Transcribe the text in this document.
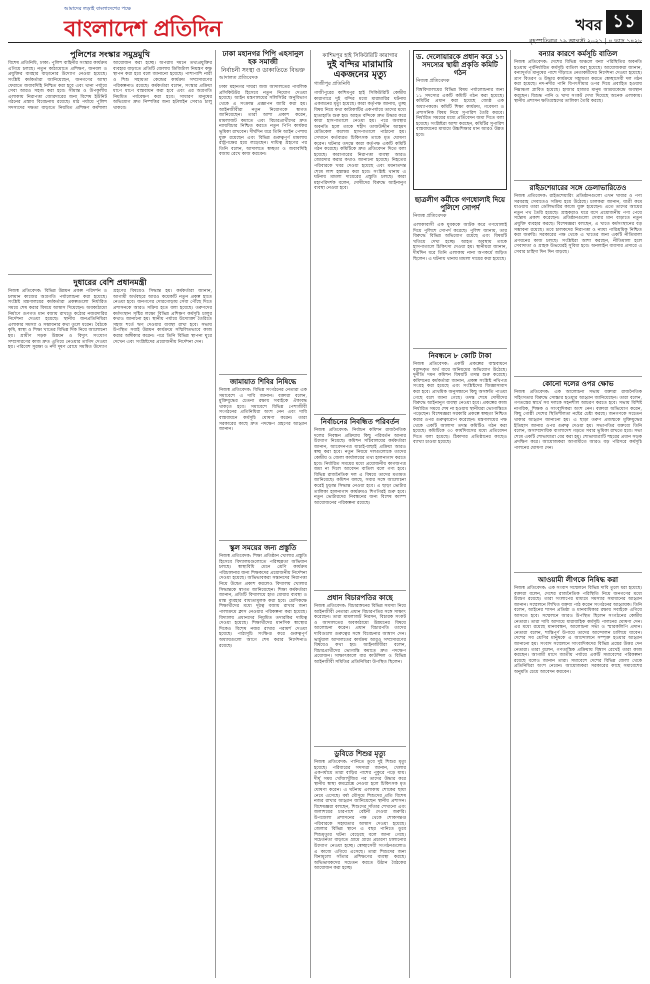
আমাদের লড়াই বাংলাদেশের পক্ষে
বাংলাদেশ প্রতিদিন	খবর ১১
পুলিশের সংস্কার সমুদ্রমুখি

বিশেষ প্রতিনিধি, ঢাকা: পুলিশ বাহিনীর সংস্কার কার্যক্রম এগিয়ে চলছে। নতুন কাঠামোতে প্রশিক্ষণ, জনবল ও প্রযুক্তির ব্যবহার বাড়ানোর উদ্যোগ নেওয়া হয়েছে। সংশ্লিষ্ট কর্মকর্তারা জানিয়েছেন, জনগণের আস্থা ফেরাতে জবাবদিহি নিশ্চিত করা হবে এবং থানা পর্যায়ে সেবা আরও সহজ করা হবে। সীমান্ত ও উপকূলীয় এলাকায় নিরাপত্তা জোরদারের জন্য বিশেষ ইউনিট গঠনের প্রস্তাব বিবেচনায় রয়েছে। মাঠ পর্যায়ে পুলিশ সদস্যদের দক্ষতা বাড়াতে নিয়মিত প্রশিক্ষণ কর্মশালা আয়োজন করা হচ্ছে। অপরাধ দমনে তথ্যপ্রযুক্তির ব্যবহার বাড়াতে প্রতিটি জেলায় ডিজিটাল নিয়ন্ত্রণ কক্ষ স্থাপন করা হবে বলে জানানো হয়েছে। পাশাপাশি নারী ও শিশু সহায়তা কেন্দ্রের কার্যক্রম সম্প্রসারণের পরিকল্পনাও রয়েছে। কর্মকর্তারা বলেন, সংস্কার প্রক্রিয়া ধাপে ধাপে বাস্তবায়ন করা হবে এবং এর অগ্রগতি নিয়মিত পর্যবেক্ষণ করা হবে। সাধারণ মানুষের অভিযোগ দ্রুত নিষ্পত্তির জন্য হটলাইন সেবাও চালু থাকবে।

দুধারের বেশি প্রধানমন্ত্রী

নিজস্ব প্রতিবেদক: বিভিন্ন উন্নয়ন প্রকল্প পরিদর্শন ও চলমান কাজের অগ্রগতি পর্যালোচনা করা হয়েছে। সংশ্লিষ্ট মন্ত্রণালয়ের কর্মকর্তারা প্রকল্পগুলো নির্ধারিত সময়ে শেষ করার বিষয়ে আশ্বাস দিয়েছেন। অবকাঠামো নির্মাণে গুণগত মান বজায় রাখতে কঠোর নজরদারির নির্দেশনা দেওয়া হয়েছে। স্থানীয় জনপ্রতিনিধিরা এলাকার সমস্যা ও সম্ভাবনার কথা তুলে ধরেন। বৈঠকে কৃষি, স্বাস্থ্য ও শিক্ষা খাতের বিভিন্ন দিক নিয়ে আলোচনা হয়। গ্রামীণ সড়ক উন্নয়ন ও বিদ্যুৎ সংযোগ সম্প্রসারণের কাজ দ্রুত এগিয়ে নেওয়ার তাগিদ দেওয়া হয়। পরিবেশ সুরক্ষা ও নদী দূষণ রোধে সমন্বিত উদ্যোগ গ্রহণের বিষয়েও সিদ্ধান্ত হয়। কর্মকর্তারা জানান, আগামী অর্থবছরে আরও কয়েকটি নতুন প্রকল্প হাতে নেওয়া হবে। জনগণের দোরগোড়ায় সেবা পৌঁছে দিতে প্রশাসনকে আরও সক্রিয় হতে বলা হয়েছে। তরুণদের কর্মসংস্থান সৃষ্টির লক্ষ্যে বিভিন্ন প্রশিক্ষণ কর্মসূচি চালুর কথাও জানানো হয়। স্থানীয় পর্যায়ে উদ্যোক্তা তৈরিতে সহজ শর্তে ঋণ দেওয়ার ব্যবস্থা রাখা হবে। সভায় উপস্থিত সবাই উন্নয়ন কার্যক্রমে সম্মিলিতভাবে কাজ করার অঙ্গীকার করেন। পরে তিনি বিভিন্ন স্থাপনা ঘুরে দেখেন এবং সংশ্লিষ্টদের প্রয়োজনীয় নির্দেশনা দেন।

ঢাকা মহানগর পিপি এহসানুল হক সমাজী

নির্বাচনী সংস্থা ও ডাকাতিতে বিভক্ত

আদালত প্রতিবেদক

ঢাকা মহানগর দায়রা জজ আদালতের পাবলিক প্রসিকিউটর হিসেবে নতুন নিয়োগ দেওয়া হয়েছে। আইন মন্ত্রণালয়ের সলিসিটর অনুবিভাগ থেকে এ সংক্রান্ত প্রজ্ঞাপন জারি করা হয়। আইনজীবীরা নতুন নিয়োগকে স্বাগত জানিয়েছেন। তারা আশা প্রকাশ করেন, মামলাজট কমাতে এবং বিচারপ্রার্থীদের দ্রুত ন্যায়বিচার নিশ্চিত করতে নতুন পিপি কার্যকর ভূমিকা রাখবেন। দীর্ঘদিন ধরে তিনি আইন পেশায় যুক্ত রয়েছেন এবং বিভিন্ন গুরুত্বপূর্ণ মামলায় রাষ্ট্রপক্ষের হয়ে লড়েছেন। দায়িত্ব গ্রহণের পর তিনি বলেন, আদালতে স্বচ্ছতা ও জবাবদিহি বজায় রেখে কাজ করবেন।

জামায়াত শিবির নিষিদ্ধে

নিজস্ব প্রতিবেদক: বিভিন্ন সংগঠনের নেতারা এক সমাবেশে এ দাবি জানান। বক্তারা বলেন, মুক্তিযুদ্ধের চেতনা রক্ষায় সবাইকে ঐক্যবদ্ধ থাকতে হবে। সমাবেশে বিভিন্ন পেশাজীবী সংগঠনের প্রতিনিধিরা অংশ নেন এবং দাবি বাস্তবায়নে কর্মসূচি ঘোষণা করেন। তারা সরকারের কাছে দ্রুত পদক্ষেপ গ্রহণের আহ্বান জানান।

স্কুল সময়ের জন্য প্রস্তুতি

নিজস্ব প্রতিবেদক: শিক্ষা প্রতিষ্ঠান খোলার প্রস্তুতি হিসেবে বিদ্যালয়গুলোতে পরিচ্ছন্নতা অভিযান চলছে। স্বাস্থ্যবিধি মেনে শ্রেণি কার্যক্রম পরিচালনার জন্য শিক্ষকদের প্রয়োজনীয় নির্দেশনা দেওয়া হয়েছে। অভিভাবকরা সন্তানদের নিরাপত্তা নিয়ে উদ্বেগ প্রকাশ করলেও বিদ্যালয় খোলার সিদ্ধান্তকে স্বাগত জানিয়েছেন। শিক্ষা কর্মকর্তারা জানান, প্রতিটি বিদ্যালয়ে হাত ধোয়ার ব্যবস্থা ও মাস্ক ব্যবহার বাধ্যতামূলক করা হবে। শ্রেণিকক্ষে শিক্ষার্থীদের মধ্যে দূরত্ব বজায় রাখার জন্য পালাক্রমে ক্লাস নেওয়ার পরিকল্পনা করা হয়েছে। বিদ্যালয় প্রধানদের নিয়মিত তদারকির দায়িত্ব দেওয়া হয়েছে। শিক্ষার্থীদের মানসিক স্বাস্থ্যের দিকেও বিশেষ নজর রাখার পরামর্শ দেওয়া হয়েছে। পাঠ্যসূচি সংক্ষিপ্ত করে গুরুত্বপূর্ণ অধ্যায়গুলো আগে শেষ করার নির্দেশনাও রয়েছে।

কাশিমপুর হাই সিকিউরিটি কারাগার

দুই বন্দির মারামারি একজনের মৃত্যু

গাজীপুর প্রতিনিধি

গাজীপুরের কাশিমপুর হাই সিকিউরিটি কেন্দ্রীয় কারাগারে দুই বন্দির মধ্যে মারামারির ঘটনায় একজনের মৃত্যু হয়েছে। কারা কর্তৃপক্ষ জানায়, তুচ্ছ বিষয় নিয়ে কথা কাটাকাটির একপর্যায়ে তাদের মধ্যে হাতাহাতি শুরু হয়। আহত বন্দিকে দ্রুত উদ্ধার করে কারা হাসপাতালে নেওয়া হয়। পরে অবস্থার অবনতি হলে তাকে শহীদ তাজউদ্দীন আহমদ মেডিকেল কলেজ হাসপাতালে পাঠানো হয়। সেখানে কর্তব্যরত চিকিৎসক তাকে মৃত ঘোষণা করেন। ঘটনার তদন্তে কারা কর্তৃপক্ষ একটি কমিটি গঠন করেছে। কমিটিকে দ্রুত প্রতিবেদন দিতে বলা হয়েছে। কারাগারের নিরাপত্তা ব্যবস্থা আরও জোরদার করার কথাও জানানো হয়েছে। নিহতের পরিবারকে খবর দেওয়া হয়েছে এবং ময়নাতদন্ত শেষে লাশ হস্তান্তর করা হবে। সংশ্লিষ্ট থানায় এ ঘটনায় মামলা দায়েরের প্রস্তুতি চলছে। কারা মহাপরিদর্শক বলেন, দোষীদের বিরুদ্ধে আইনানুগ ব্যবস্থা নেওয়া হবে।

নির্বাচনের নিবন্ধিত পরিবর্তন

নিজস্ব প্রতিবেদক: নির্বাচন কমিশন রাজনৈতিক দলের নিবন্ধন প্রক্রিয়ায় কিছু পরিবর্তন আনার উদ্যোগ নিয়েছে। কমিশন সচিবালয়ের কর্মকর্তারা জানান, আবেদনপত্র যাচাই-বাছাই প্রক্রিয়া আরও স্বচ্ছ করা হবে। নতুন নিয়মে দলগুলোকে তাদের কেন্দ্রীয় ও জেলা কার্যালয়ের তথ্য হালনাগাদ করতে হবে। নির্ধারিত সময়ের মধ্যে প্রয়োজনীয় কাগজপত্র জমা না দিলে আবেদন বাতিল বলে গণ্য হবে। বিভিন্ন রাজনৈতিক দল এ বিষয়ে তাদের মতামত জানিয়েছে। কমিশন বলছে, সবার সঙ্গে আলোচনা করেই চূড়ান্ত সিদ্ধান্ত নেওয়া হবে। এ ছাড়া ভোটার তালিকা হালনাগাদ কার্যক্রমও শিগগিরই শুরু হবে। নতুন ভোটারদের নিবন্ধনের জন্য বিশেষ ক্যাম্প আয়োজনের পরিকল্পনা রয়েছে।

প্রধান বিচারপতির কাছে

নিজস্ব প্রতিবেদক: বিচারাঙ্গনের বিভিন্ন সমস্যা নিয়ে আইনজীবী নেতারা প্রধান বিচারপতির সঙ্গে সাক্ষাৎ করেছেন। তারা মামলাজট নিরসন, বিচারক সংকট ও আদালতের অবকাঠামো উন্নয়নের বিষয়ে আলোচনা করেন। প্রধান বিচারপতি তাদের দাবিগুলো গুরুত্বের সঙ্গে বিবেচনার আশ্বাস দেন। ভার্চুয়াল আদালতের কার্যক্রম আরও সম্প্রসারণের বিষয়েও কথা হয়। আইনজীবীরা বলেন, বিচারপ্রার্থীদের ভোগান্তি কমাতে দ্রুত পদক্ষেপ প্রয়োজন। সাক্ষাৎকালে বার কাউন্সিল ও বিভিন্ন আইনজীবী সমিতির প্রতিনিধিরা উপস্থিত ছিলেন।

ডুবিতে শিশুর মৃত্যু

নিজস্ব প্রতিবেদক: পানিতে ডুবে দুই শিশুর মৃত্যু হয়েছে। পরিবারের সদস্যরা জানান, খেলার একপর্যায়ে তারা বাড়ির পাশের পুকুরে পড়ে যায়। দীর্ঘ সময় খোঁজাখুঁজির পর তাদের উদ্ধার করে স্থানীয় স্বাস্থ্য কমপ্লেক্সে নেওয়া হলে চিকিৎসক মৃত ঘোষণা করেন। এ ঘটনায় এলাকায় শোকের ছায়া নেমে এসেছে। বর্ষা মৌসুমে শিশুদের প্রতি বিশেষ নজর রাখার আহ্বান জানিয়েছেন স্থানীয় প্রশাসন। বিশেষজ্ঞরা বলছেন, শিশুদের সাঁতার শেখানো এবং জলাশয়ের চারপাশে বেষ্টনী দেওয়া জরুরি। উপজেলা প্রশাসনের পক্ষ থেকে শোকসন্তপ্ত পরিবারকে সহায়তার আশ্বাস দেওয়া হয়েছে। জেলার বিভিন্ন স্থানে এ বছর পানিতে ডুবে শিশুমৃত্যুর ঘটনা বেড়েছে বলে জানা গেছে। সচেতনতা বাড়াতে গ্রামে গ্রামে প্রচারণা চালানোর উদ্যোগ নেওয়া হচ্ছে। স্বেচ্ছাসেবী সংগঠনগুলোও এ কাজে এগিয়ে এসেছে। তারা শিশুদের জন্য বিনামূল্যে সাঁতার প্রশিক্ষণের ব্যবস্থা করছে। অভিভাবকদের সচেতন করতে উঠান বৈঠকের আয়োজন করা হচ্ছে।

ড. দেলোয়ারকে প্রধান করে ১১ সদস্যের স্থায়ী প্রকৃতি কমিটি গঠন

নিজস্ব প্রতিবেদক

বিশ্ববিদ্যালয়ের বিভিন্ন বিষয় পর্যালোচনার জন্য ১১ সদস্যের একটি কমিটি গঠন করা হয়েছে। কমিটির প্রধান করা হয়েছে জ্যেষ্ঠ এক অধ্যাপককে। কমিটি শিক্ষা কার্যক্রম, গবেষণা ও প্রশাসনিক বিষয় নিয়ে সুপারিশ তৈরি করবে। নির্ধারিত সময়ের মধ্যে প্রতিবেদন জমা দিতে বলা হয়েছে। সংশ্লিষ্টরা আশা করছেন, কমিটির সুপারিশ বাস্তবায়নের মাধ্যমে উচ্চশিক্ষার মান আরও উন্নত হবে।

ছাত্রলীগ কর্মীকে গণধোলাই দিয়ে পুলিশে সোপর্দ

নিজস্ব প্রতিবেদক

এলাকাবাসী এক যুবককে আটক করে গণধোলাই দিয়ে পুলিশে সোপর্দ করেছে। পুলিশ জানায়, তার বিরুদ্ধে বিভিন্ন অভিযোগ রয়েছে এবং বিষয়টি খতিয়ে দেখা হচ্ছে। আহত অবস্থায় তাকে হাসপাতালে চিকিৎসা দেওয়া হয়। স্থানীয়রা জানান, দীর্ঘদিন ধরে তিনি এলাকায় নানা অপকর্মে জড়িত ছিলেন। এ ঘটনায় থানায় মামলা দায়ের করা হয়েছে।

নিবন্ধনে ৮ কোটি টাকা

নিজস্ব প্রতিবেদক: একটি প্রকল্পের বাস্তবায়নে বরাদ্দকৃত অর্থ ব্যয়ে অনিয়মের অভিযোগ উঠেছে। দুর্নীতি দমন কমিশন বিষয়টি তদন্ত শুরু করেছে। কমিশনের কর্মকর্তারা জানান, প্রকল্প সংশ্লিষ্ট নথিপত্র সংগ্রহ করা হয়েছে এবং সংশ্লিষ্টদের জিজ্ঞাসাবাদ করা হবে। প্রাথমিক অনুসন্ধানে কিছু অসঙ্গতি পাওয়া গেছে বলে জানা গেছে। তদন্ত শেষে দোষীদের বিরুদ্ধে আইনানুগ ব্যবস্থা নেওয়া হবে। প্রকল্পের কাজ নির্ধারিত সময়ে শেষ না হওয়ায় স্থানীয়রা ভোগান্তিতে পড়েছেন। বিশেষজ্ঞরা সরকারি প্রকল্পে স্বচ্ছতা নিশ্চিত করার ওপর গুরুত্বারোপ করেছেন। মন্ত্রণালয়ের পক্ষ থেকে একটি আলাদা তদন্ত কমিটিও গঠন করা হয়েছে। কমিটিকে ৩০ কার্যদিবসের মধ্যে প্রতিবেদন দিতে বলা হয়েছে। ঠিকাদার প্রতিষ্ঠানের কাছেও ব্যাখ্যা চাওয়া হয়েছে।

বন্যার কারণে কর্মসূচি বাতিল

নিজস্ব প্রতিবেদক: দেশের বিভিন্ন অঞ্চলে বন্যা পরিস্থিতির অবনতি হওয়ায় পূর্বনির্ধারিত কর্মসূচি বাতিল করা হয়েছে। আয়োজকরা জানান, বন্যাদুর্গত মানুষের পাশে দাঁড়াতে নেতাকর্মীদের নির্দেশনা দেওয়া হয়েছে। ত্রাণ বিতরণ ও উদ্ধার কার্যক্রমে সহায়তা করতে স্বেচ্ছাসেবী দল গঠন করা হয়েছে। নদ-নদীর পানি বিপৎসীমার ওপর দিয়ে প্রবাহিত হওয়ায় নিম্নাঞ্চল প্লাবিত হয়েছে। হাজার হাজার মানুষ আশ্রয়কেন্দ্রে অবস্থান করছেন। বিশুদ্ধ পানি ও খাদ্য সংকট দেখা দিয়েছে অনেক এলাকায়। স্থানীয় প্রশাসন ক্ষতিগ্রস্তদের তালিকা তৈরি করছে।

রাইডশেয়ারের সঙ্গে ডেলাভারিতেও

নিজস্ব প্রতিবেদক: রাইডশেয়ারিং প্রতিষ্ঠানগুলো এখন খাবার ও পণ্য সরবরাহ সেবাতেও সক্রিয় হয়ে উঠেছে। চালকরা জানান, যাত্রী কমে যাওয়ায় তারা ডেলিভারির কাজে যুক্ত হয়েছেন। এতে তাদের আয়ের নতুন পথ তৈরি হয়েছে। গ্রাহকরাও ঘরে বসে প্রয়োজনীয় পণ্য পেয়ে সন্তোষ প্রকাশ করেছেন। প্রতিষ্ঠানগুলো সেবার মান বাড়াতে নতুন প্রযুক্তি ব্যবহার করছে। বিশেষজ্ঞরা বলছেন, এ খাতে কর্মসংস্থানের বড় সম্ভাবনা রয়েছে। তবে চালকদের নিরাপত্তা ও ন্যায্য পারিশ্রমিক নিশ্চিত করা জরুরি। সরকারের পক্ষ থেকে এ খাতের জন্য একটি নীতিমালা প্রণয়নের কাজ চলছে। সংশ্লিষ্টরা আশা করছেন, নীতিমালা হলে সেবাদাতা ও গ্রাহক উভয়েরই সুবিধা হবে। অনলাইন ব্যবসার প্রসারে এ সেবার চাহিদা দিন দিন বাড়ছে।

কোনো দলের ওপর ক্ষোভ

নিজস্ব প্রতিবেদক: এক আলোচনা সভায় বক্তারা রাজনৈতিক সহিংসতার বিরুদ্ধে সোচ্চার হওয়ার আহ্বান জানিয়েছেন। তারা বলেন, গণতন্ত্রের স্বার্থে সব দলকে সহনশীল আচরণ করতে হবে। সভায় বিশিষ্ট নাগরিক, শিক্ষক ও সাংবাদিকরা অংশ নেন। বক্তারা অভিযোগ করেন, কিছু গোষ্ঠী দেশের স্থিতিশীলতা নষ্টের চেষ্টা করছে। জনগণকে সচেতন থাকার আহ্বান জানানো হয়। এ ছাড়া তরুণ প্রজন্মকে মুক্তিযুদ্ধের ইতিহাস জানার ওপর গুরুত্ব দেওয়া হয়। সভাপতির বক্তব্যে তিনি বলেন, অসাম্প্রদায়িক বাংলাদেশ গড়তে সবার ভূমিকা রাখতে হবে। সভা শেষে একটি শোভাযাত্রা বের করা হয়। শোভাযাত্রাটি শহরের প্রধান সড়ক প্রদক্ষিণ করে। আয়োজকরা আগামীতে আরও বড় পরিসরে কর্মসূচি পালনের ঘোষণা দেন।

আওয়ামী লীগকে নিষিদ্ধ করা

নিজস্ব প্রতিবেদক: এক সংবাদ সম্মেলনে বিভিন্ন দাবি তুলে ধরা হয়েছে। বক্তারা বলেন, দেশের রাজনৈতিক পরিস্থিতি নিয়ে জনগণের মধ্যে উদ্বেগ রয়েছে। তারা সংলাপের মাধ্যমে সমস্যার সমাধানের আহ্বান জানান। সম্মেলনে লিখিত বক্তব্য পাঠ করেন সংগঠনের আহ্বায়ক। তিনি বলেন, আইনের শাসন প্রতিষ্ঠা ও মানবাধিকার রক্ষায় সবাইকে এগিয়ে আসতে হবে। সম্মেলনে আরও উপস্থিত ছিলেন সংগঠনের কেন্দ্রীয় নেতারা। তারা দাবি আদায়ে ধারাবাহিক কর্মসূচি পালনের ঘোষণা দেন। এর মধ্যে রয়েছে মানববন্ধন, আলোচনা সভা ও স্মারকলিপি প্রদান। নেতারা বলেন, শান্তিপূর্ণ উপায়ে তাদের আন্দোলন চালিয়ে যাবেন। দেশের সব শ্রেণির মানুষকে এ আন্দোলনে সম্পৃক্ত হওয়ার আহ্বান জানানো হয়। সংবাদ সম্মেলনে সাংবাদিকদের বিভিন্ন প্রশ্নের উত্তর দেন নেতারা। তারা বলেন, গণতান্ত্রিক প্রক্রিয়ায় বিশ্বাস রেখেই তারা কাজ করছেন। আগামী মাসে জাতীয় পর্যায়ে একটি সমাবেশের পরিকল্পনা রয়েছে বলেও জানান তারা। সমাবেশে দেশের বিভিন্ন জেলা থেকে প্রতিনিধিরা অংশ নেবেন। আয়োজকরা সরকারের কাছে সমাবেশের অনুমতি চেয়ে আবেদন করবেন।
